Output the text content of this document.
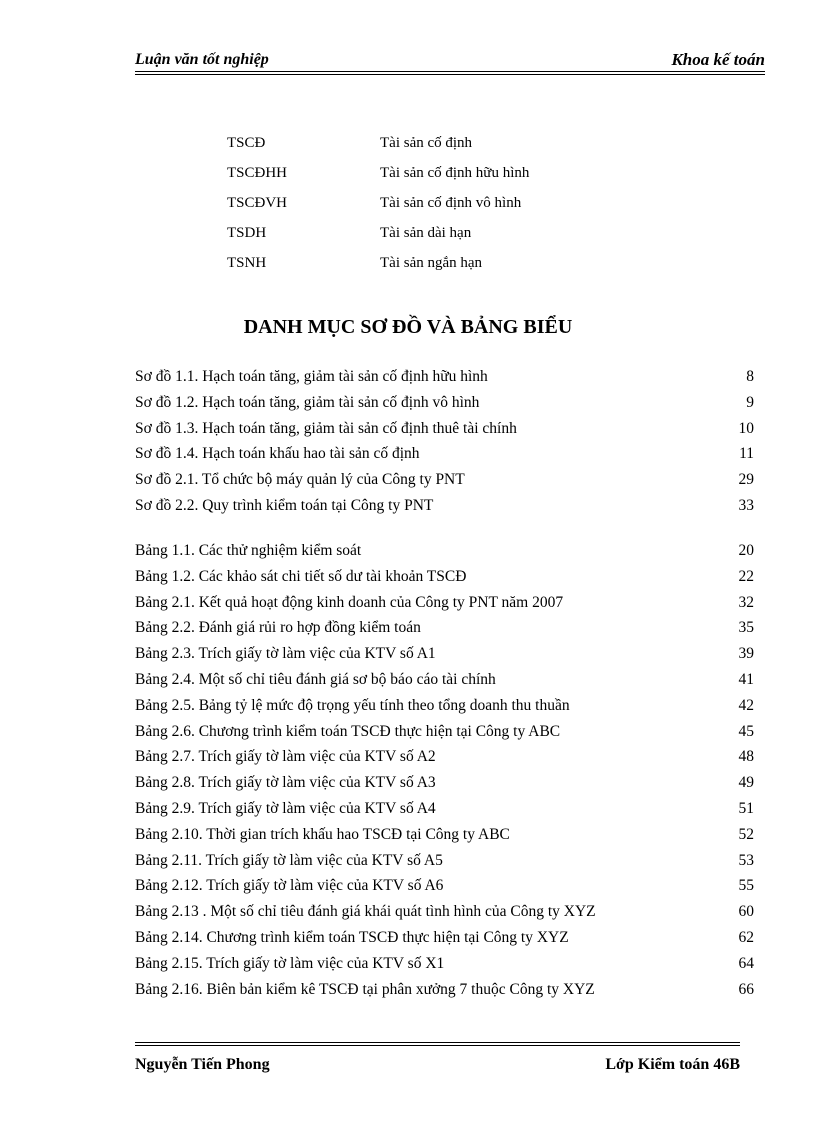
Luận văn tốt nghiệp	Khoa kế toán
TSCĐ	Tài sản cố định
TSCĐHH	Tài sản cố định hữu hình
TSCĐVH	Tài sản cố định vô hình
TSDH	Tài sản dài hạn
TSNH	Tài sản ngắn hạn
DANH MỤC SƠ ĐỒ VÀ BẢNG BIỂU
Sơ đồ 1.1. Hạch toán tăng, giảm tài sản cố định hữu hình	8
Sơ đồ 1.2. Hạch toán tăng, giảm tài sản cố định vô hình	9
Sơ đồ 1.3. Hạch toán tăng, giảm tài sản cố định thuê tài chính	10
Sơ đồ 1.4. Hạch toán khấu hao tài sản cố định	11
Sơ đồ 2.1. Tổ chức bộ máy quản lý của Công ty PNT	29
Sơ đồ 2.2. Quy trình kiểm toán tại Công ty PNT	33
Bảng 1.1. Các thử nghiệm kiểm soát	20
Bảng 1.2. Các khảo sát chi tiết số dư tài khoản TSCĐ	22
Bảng 2.1. Kết quả hoạt động kinh doanh của Công ty PNT năm 2007	32
Bảng 2.2. Đánh giá rủi ro hợp đồng kiểm toán	35
Bảng 2.3. Trích giấy tờ làm việc của KTV số A1	39
Bảng 2.4. Một số chỉ tiêu đánh giá sơ bộ báo cáo tài chính	41
Bảng 2.5. Bảng tỷ lệ mức độ trọng yếu tính theo tổng doanh thu thuần	42
Bảng 2.6. Chương trình kiểm toán TSCĐ thực hiện tại Công ty ABC	45
Bảng 2.7. Trích giấy tờ làm việc của KTV số A2	48
Bảng 2.8. Trích giấy tờ làm việc của KTV số A3	49
Bảng 2.9. Trích giấy tờ làm việc của KTV số A4	51
Bảng 2.10. Thời gian trích khấu hao TSCĐ tại Công ty ABC	52
Bảng 2.11. Trích giấy tờ làm việc của KTV số A5	53
Bảng 2.12. Trích giấy tờ làm việc của KTV số A6	55
Bảng 2.13 . Một số chỉ tiêu đánh giá khái quát tình hình của Công ty XYZ	60
Bảng 2.14. Chương trình kiểm toán TSCĐ thực hiện tại Công ty XYZ	62
Bảng 2.15. Trích giấy tờ làm việc của KTV số X1	64
Bảng 2.16. Biên bản kiểm kê TSCĐ tại phân xưởng 7 thuộc Công ty XYZ	66
Nguyễn Tiến Phong	Lớp Kiểm toán 46B
